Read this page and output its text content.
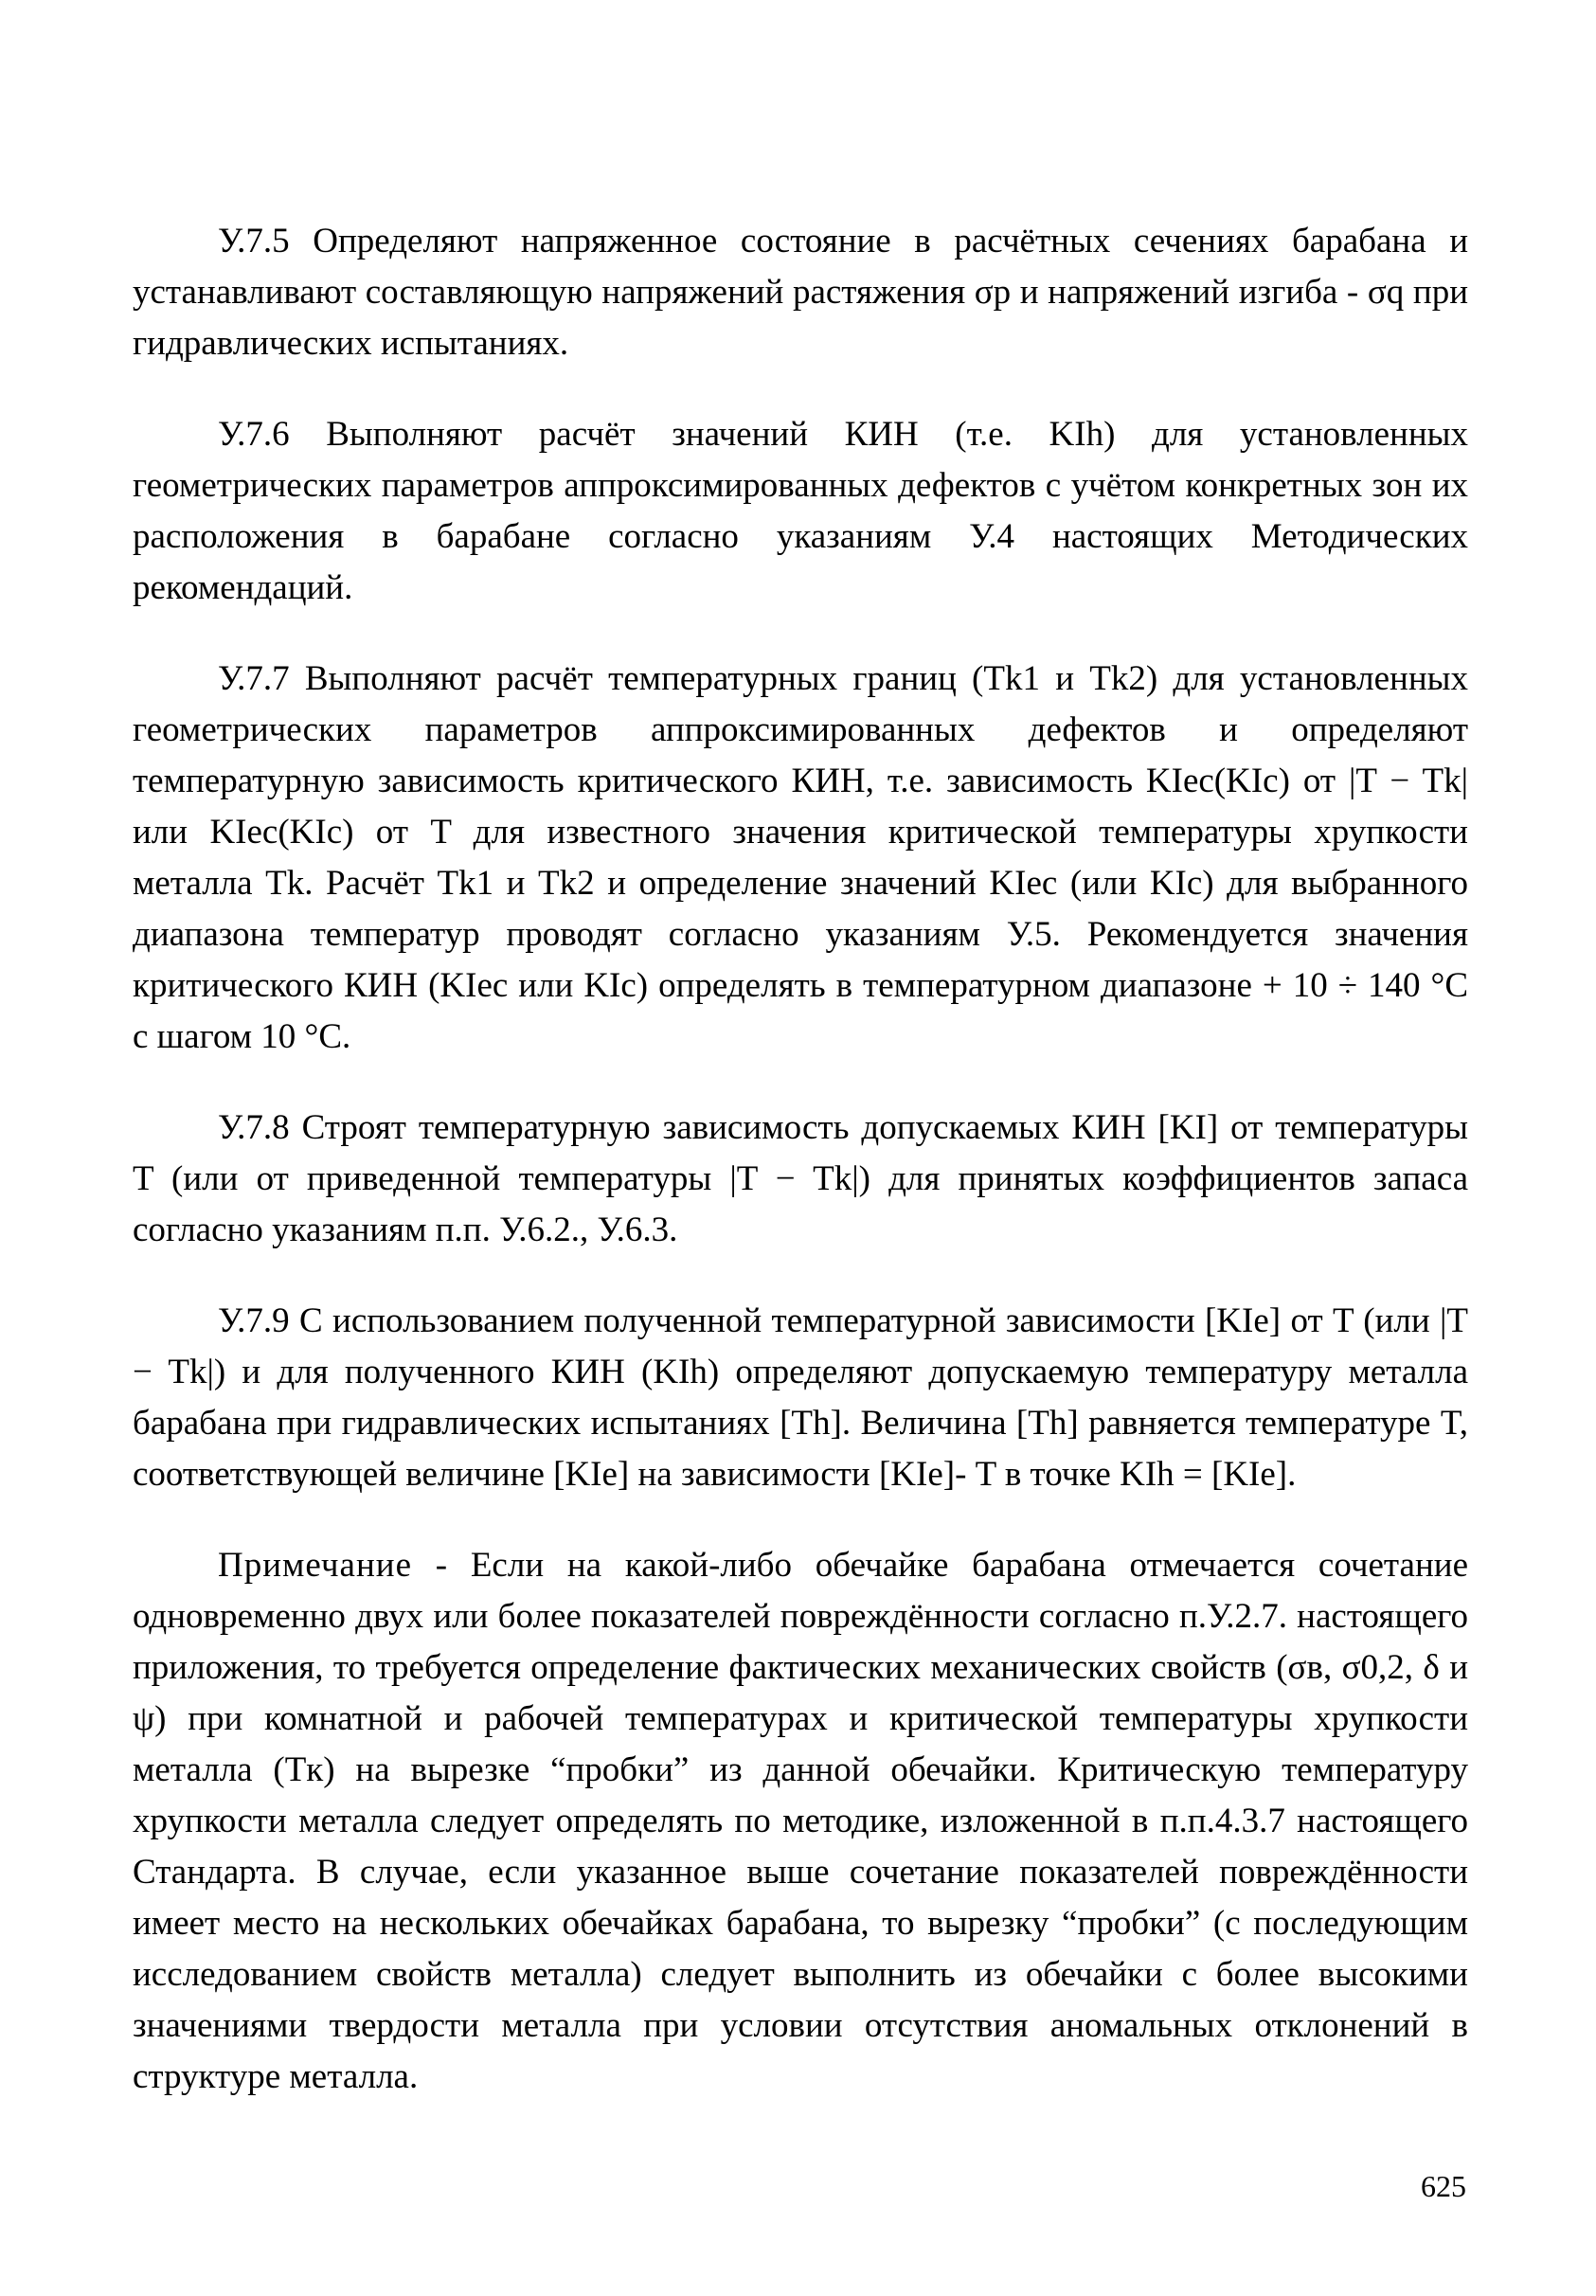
У.7.5 Определяют напряженное состояние в расчётных сечениях барабана и устанавливают составляющую напряжений растяжения σp и напряжений изгиба - σq при гидравлических испытаниях.

У.7.6 Выполняют расчёт значений КИН (т.е. KIh) для установленных геометрических параметров аппроксимированных дефектов с учётом конкретных зон их расположения в барабане согласно указаниям У.4 настоящих Методических рекомендаций.

У.7.7 Выполняют расчёт температурных границ (Tk1 и Tk2) для установленных геометрических параметров аппроксимированных дефектов и определяют температурную зависимость критического КИН, т.е. зависимость KIec(KIc) от |T − Tk| или KIec(KIc) от T для известного значения критической температуры хрупкости металла Tk. Расчёт Tk1 и Tk2 и определение значений KIec (или KIc) для выбранного диапазона температур проводят согласно указаниям У.5. Рекомендуется значения критического КИН (KIec или KIc) определять в температурном диапазоне + 10 ÷ 140 °С с шагом 10 °С.

У.7.8 Строят температурную зависимость допускаемых КИН [KI] от температуры T (или от приведенной температуры |T − Tk|) для принятых коэффициентов запаса согласно указаниям п.п. У.6.2., У.6.3.

У.7.9 С использованием полученной температурной зависимости [KIe] от T (или |T − Tk|) и для полученного КИН (KIh) определяют допускаемую температуру металла барабана при гидравлических испытаниях [Th]. Величина [Th] равняется температуре T, соответствующей величине [KIe] на зависимости [KIe]- T в точке KIh = [KIe].

Примечание - Если на какой-либо обечайке барабана отмечается сочетание одновременно двух или более показателей повреждённости согласно п.У.2.7. настоящего приложения, то требуется определение фактических механических свойств (σв, σ0,2, δ и ψ) при комнатной и рабочей температурах и критической температуры хрупкости металла (Tк) на вырезке “пробки” из данной обечайки. Критическую температуру хрупкости металла следует определять по методике, изложенной в п.п.4.3.7 настоящего Стандарта. В случае, если указанное выше сочетание показателей повреждённости имеет место на нескольких обечайках барабана, то вырезку “пробки” (с последующим исследованием свойств металла) следует выполнить из обечайки с более высокими значениями твердости металла при условии отсутствия аномальных отклонений в структуре металла.

625
